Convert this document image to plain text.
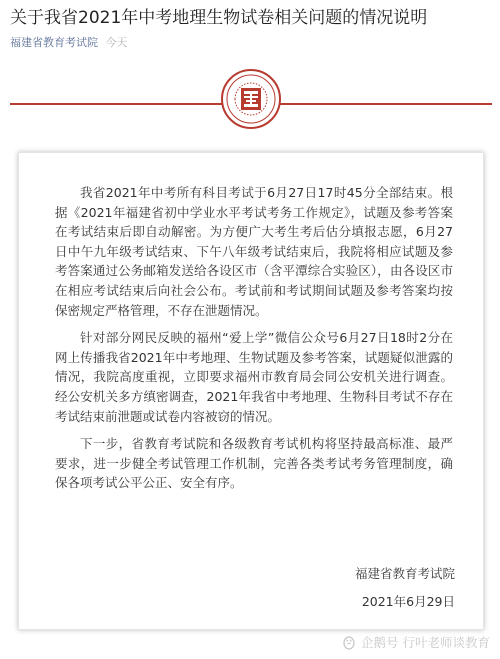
关于我省2021年中考地理生物试卷相关问题的情况说明
福建省教育考试院 今天

我省2021年中考所有科目考试于6月27日17时45分全部结束。根据《2021年福建省初中学业水平考试考务工作规定》，试题及参考答案在考试结束后即自动解密。为方便广大考生考后估分填报志愿，6月27日中午九年级考试结束、下午八年级考试结束后，我院将相应试题及参考答案通过公务邮箱发送给各设区市（含平潭综合实验区），由各设区市在相应考试结束后向社会公布。考试前和考试期间试题及参考答案均按保密规定严格管理，不存在泄题情况。

针对部分网民反映的福州“爱上学”微信公众号6月27日18时2分在网上传播我省2021年中考地理、生物试题及参考答案，试题疑似泄露的情况，我院高度重视，立即要求福州市教育局会同公安机关进行调查。经公安机关多方缜密调查，2021年我省中考地理、生物科目考试不存在考试结束前泄题或试卷内容被窃的情况。

下一步，省教育考试院和各级教育考试机构将坚持最高标准、最严要求，进一步健全考试管理工作机制，完善各类考试考务管理制度，确保各项考试公平公正、安全有序。

福建省教育考试院
2021年6月29日
企鹅号 行叶老师谈教育
